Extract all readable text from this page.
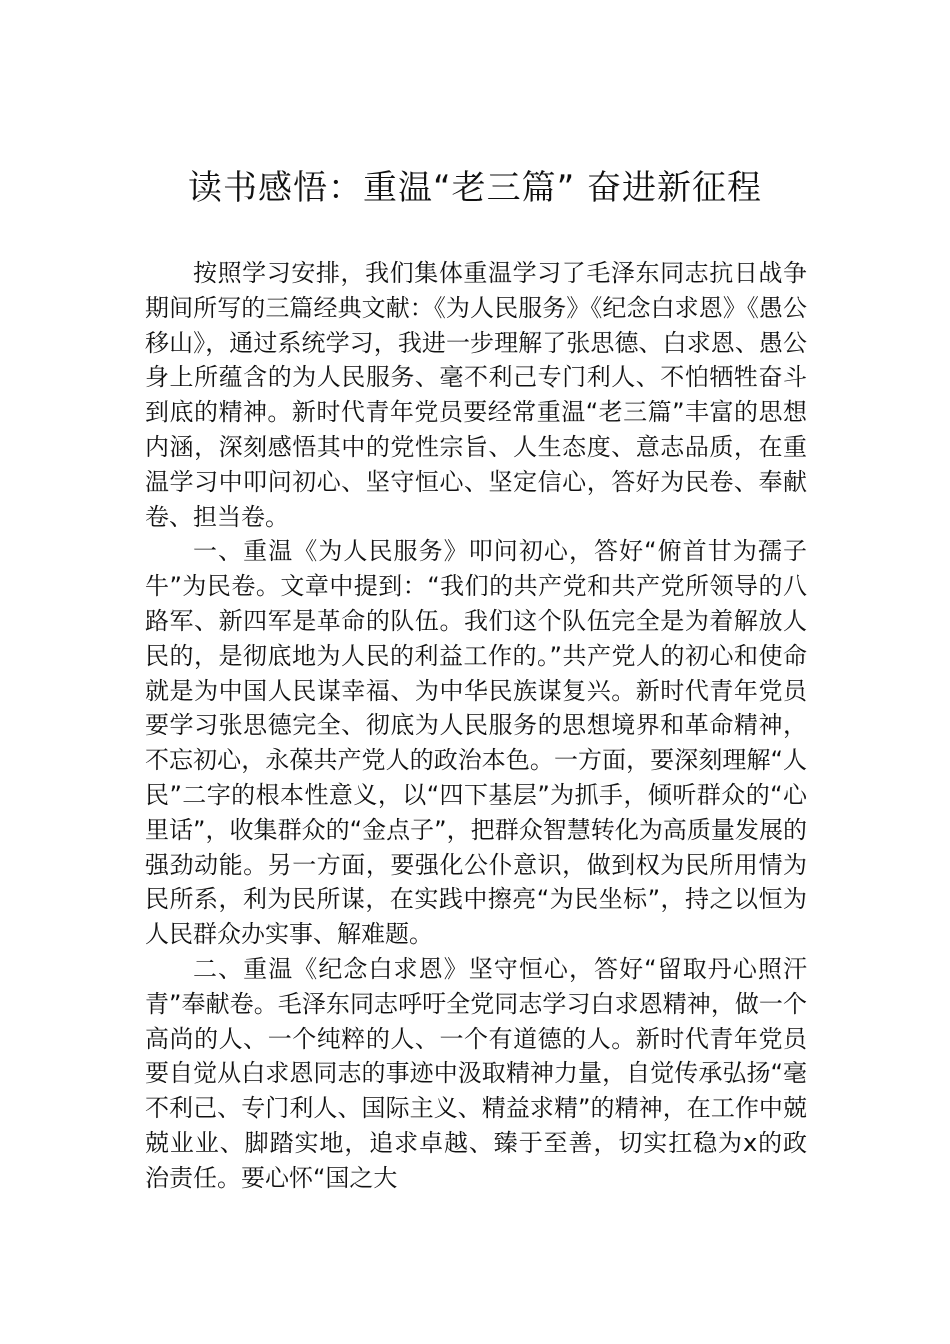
读书感悟：重温“老三篇” 奋进新征程

按照学习安排，我们集体重温学习了毛泽东同志抗日战争期间所写的三篇经典文献：《为人民服务》《纪念白求恩》《愚公移山》，通过系统学习，我进一步理解了张思德、白求恩、愚公身上所蕴含的为人民服务、毫不利己专门利人、不怕牺牲奋斗到底的精神。新时代青年党员要经常重温“老三篇”丰富的思想内涵，深刻感悟其中的党性宗旨、人生态度、意志品质，在重温学习中叩问初心、坚守恒心、坚定信心，答好为民卷、奉献卷、担当卷。

一、重温《为人民服务》叩问初心，答好“俯首甘为孺子牛”为民卷。文章中提到：“我们的共产党和共产党所领导的八路军、新四军是革命的队伍。我们这个队伍完全是为着解放人民的，是彻底地为人民的利益工作的。”共产党人的初心和使命就是为中国人民谋幸福、为中华民族谋复兴。新时代青年党员要学习张思德完全、彻底为人民服务的思想境界和革命精神，不忘初心，永葆共产党人的政治本色。一方面，要深刻理解“人民”二字的根本性意义，以“四下基层”为抓手，倾听群众的“心里话”，收集群众的“金点子”，把群众智慧转化为高质量发展的强劲动能。另一方面，要强化公仆意识，做到权为民所用情为民所系，利为民所谋，在实践中擦亮“为民坐标”，持之以恒为人民群众办实事、解难题。

二、重温《纪念白求恩》坚守恒心，答好“留取丹心照汗青”奉献卷。毛泽东同志呼吁全党同志学习白求恩精神，做一个高尚的人、一个纯粹的人、一个有道德的人。新时代青年党员要自觉从白求恩同志的事迹中汲取精神力量，自觉传承弘扬“毫不利己、专门利人、国际主义、精益求精”的精神，在工作中兢兢业业、脚踏实地，追求卓越、臻于至善，切实扛稳为x的政治责任。要心怀“国之大
